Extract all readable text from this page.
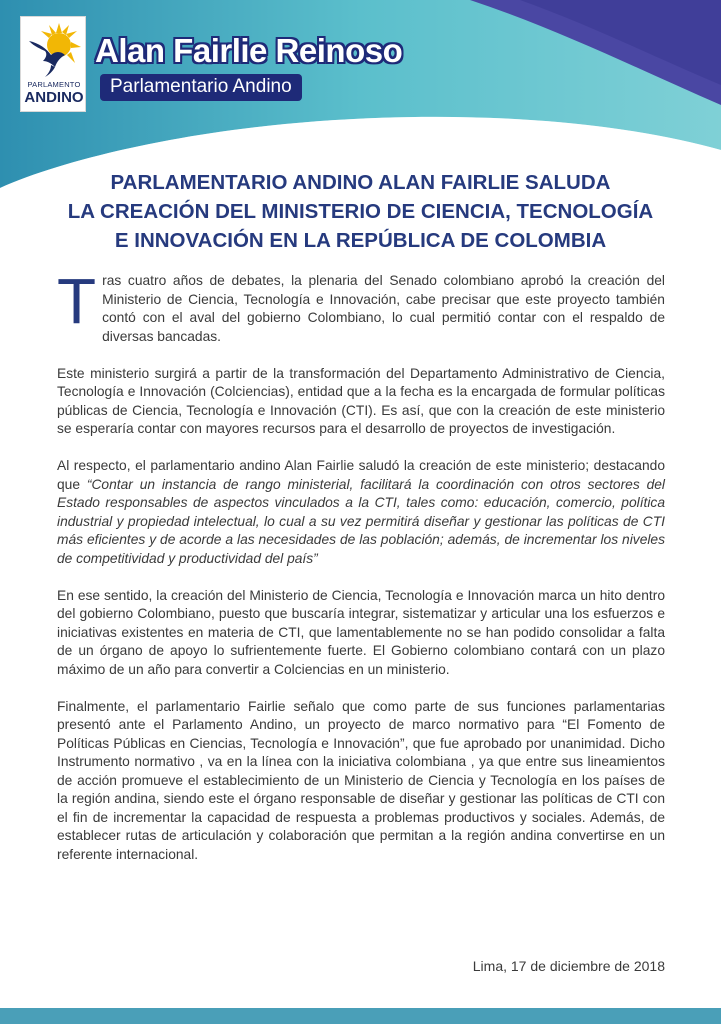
PARLAMENTO
ANDINO
Alan Fairlie Reinoso
Parlamentario Andino
PARLAMENTARIO ANDINO ALAN FAIRLIE SALUDA
LA CREACIÓN DEL MINISTERIO DE CIENCIA, TECNOLOGÍA
E INNOVACIÓN EN LA REPÚBLICA DE COLOMBIA

Tras cuatro años de debates, la plenaria del Senado colombiano aprobó la creación del Ministerio de Ciencia, Tecnología e Innovación, cabe precisar que este proyecto también contó con el aval del gobierno Colombiano, lo cual permitió contar con el respaldo de diversas bancadas.

Este ministerio surgirá a partir de la transformación del Departamento Administrativo de Ciencia, Tecnología e Innovación (Colciencias), entidad que a la fecha es la encargada de formular políticas públicas de Ciencia, Tecnología e Innovación (CTI). Es así, que con la creación de este ministerio se esperaría contar con mayores recursos para el desarrollo de proyectos de investigación.

Al respecto, el parlamentario andino Alan Fairlie saludó la creación de este ministerio; destacando que “Contar un instancia de rango ministerial, facilitará la coordinación con otros sectores del Estado responsables de aspectos vinculados a la CTI, tales como: educación, comercio, política industrial y propiedad intelectual, lo cual a su vez permitirá diseñar y gestionar las políticas de CTI más eficientes y de acorde a las necesidades de las población; además, de incrementar los niveles de competitividad y productividad del país”

En ese sentido, la creación del Ministerio de Ciencia, Tecnología e Innovación marca un hito dentro del gobierno Colombiano, puesto que buscaría integrar, sistematizar y articular una los esfuerzos e iniciativas existentes en materia de CTI, que lamentablemente no se han podido consolidar a falta de un órgano de apoyo lo sufrientemente fuerte. El Gobierno colombiano contará con un plazo máximo de un año para convertir a Colciencias en un ministerio.

Finalmente, el parlamentario Fairlie señalo que como parte de sus funciones parlamentarias presentó ante el Parlamento Andino, un proyecto de marco normativo para “El Fomento de Políticas Públicas en Ciencias, Tecnología e Innovación”, que fue aprobado por unanimidad. Dicho Instrumento normativo , va en la línea con la iniciativa colombiana , ya que entre sus lineamientos de acción promueve el establecimiento de un Ministerio de Ciencia y Tecnología en los países de la región andina, siendo este el órgano responsable de diseñar y gestionar las políticas de CTI con el fin de incrementar la capacidad de respuesta a problemas productivos y sociales. Además, de establecer rutas de articulación y colaboración que permitan a la región andina convertirse en un referente internacional.

Lima, 17 de diciembre de 2018
